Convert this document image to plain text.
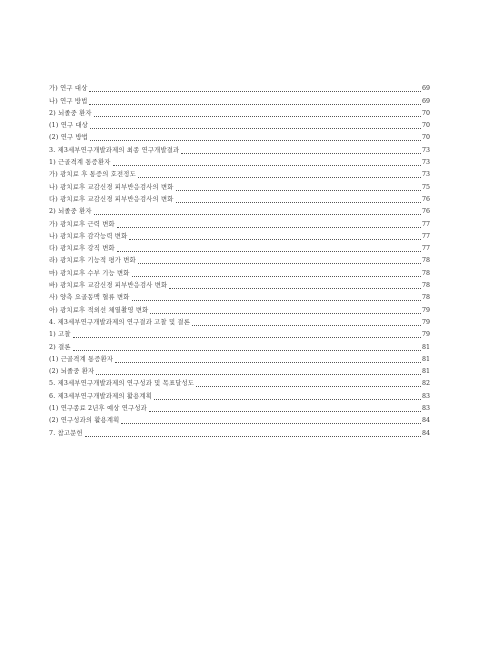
가) 연구 대상	69
나) 연구 방법	69
2) 뇌졸중 환자	70
(1) 연구 대상	70
(2) 연구 방법	70
3. 제3세부연구개발과제의 최종 연구개발결과	73
1) 근골격계 통증환자	73
가) 광치료 후 통증의 호전정도	73
나) 광치료후 교감신경 피부반응검사의 변화	75
다) 광치료후 교감신경 피부반응검사의 변화	76
2) 뇌졸중 환자	76
가) 광치료후 근력 변화	77
나) 광치료후 감각능력 변화	77
다) 광치료후 강직 변화	77
라) 광치료후 기능적 평가 변화	78
마) 광치료후 수부 기능 변화	78
바) 광치료후 교감신경 피부반응검사 변화	78
사) 양측 요골동맥 혈류 변화	78
아) 광치료후 적외선 체열촬영 변화	79
4. 제3세부연구개발과제의 연구결과 고찰 및 결론	79
1) 고찰	79
2) 결론	81
(1) 근골격계 통증환자	81
(2) 뇌졸중 환자	81
5. 제3세부연구개발과제의 연구성과 및 목표달성도	82
6. 제3세부연구개발과제의 활용계획	83
(1) 연구종료 2년후 예상 연구성과	83
(2) 연구성과의 활용계획	84
7. 참고문헌	84
